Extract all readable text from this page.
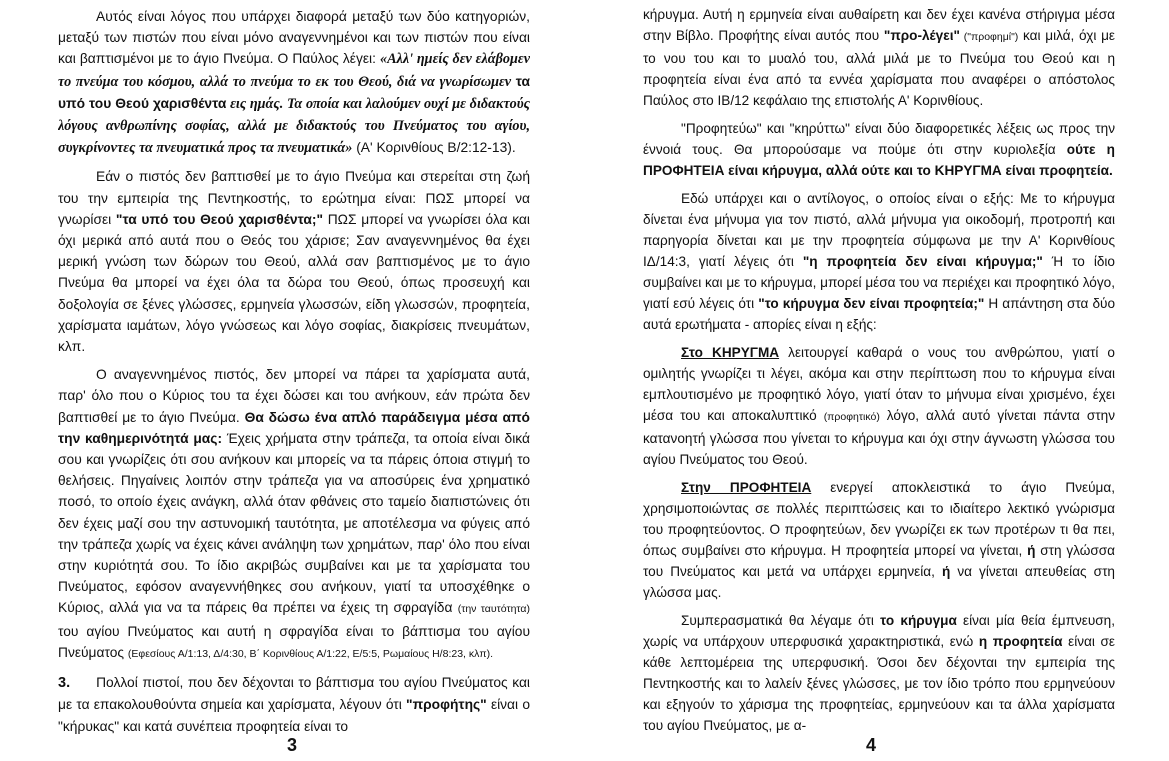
Αυτός είναι λόγος που υπάρχει διαφορά μεταξύ των δύο κατηγοριών, μεταξύ των πιστών που είναι μόνο αναγεννημένοι και των πιστών που είναι και βαπτισμένοι με το άγιο Πνεύμα. Ο Παύλος λέγει: «Αλλ' ημείς δεν ελάβομεν το πνεύμα του κόσμου, αλλά το πνεύμα το εκ του Θεού, διά να γνωρίσωμεν τα υπό του Θεού χαρισθέντα εις ημάς. Τα οποία και λαλούμεν ουχί με διδακτούς λόγους ανθρωπίνης σοφίας, αλλά με διδακτούς του Πνεύματος του αγίου, συγκρίνοντες τα πνευματικά προς τα πνευματικά» (Α' Κορινθίους Β/2:12-13).

Εάν ο πιστός δεν βαπτισθεί με το άγιο Πνεύμα και στερείται στη ζωή του την εμπειρία της Πεντηκοστής, το ερώτημα είναι: ΠΩΣ μπορεί να γνωρίσει "τα υπό του Θεού χαρισθέντα;" ΠΩΣ μπορεί να γνωρίσει όλα και όχι μερικά από αυτά που ο Θεός του χάρισε; Σαν αναγεννημένος θα έχει μερική γνώση των δώρων του Θεού, αλλά σαν βαπτισμένος με το άγιο Πνεύμα θα μπορεί να έχει όλα τα δώρα του Θεού, όπως προσευχή και δοξολογία σε ξένες γλώσσες, ερμηνεία γλωσσών, είδη γλωσσών, προφητεία, χαρίσματα ιαμάτων, λόγο γνώσεως και λόγο σοφίας, διακρίσεις πνευμάτων, κλπ.

Ο αναγεννημένος πιστός, δεν μπορεί να πάρει τα χαρίσματα αυτά, παρ' όλο που ο Κύριος του τα έχει δώσει και του ανήκουν, εάν πρώτα δεν βαπτισθεί με το άγιο Πνεύμα. Θα δώσω ένα απλό παράδειγμα μέσα από την καθημερινότητά μας: Έχεις χρήματα στην τράπεζα, τα οποία είναι δικά σου και γνωρίζεις ότι σου ανήκουν και μπορείς να τα πάρεις όποια στιγμή το θελήσεις. Πηγαίνεις λοιπόν στην τράπεζα για να αποσύρεις ένα χρηματικό ποσό, το οποίο έχεις ανάγκη, αλλά όταν φθάνεις στο ταμείο διαπιστώνεις ότι δεν έχεις μαζί σου την αστυνομική ταυτότητα, με αποτέλεσμα να φύγεις από την τράπεζα χωρίς να έχεις κάνει ανάληψη των χρημάτων, παρ' όλο που είναι στην κυριότητά σου. Το ίδιο ακριβώς συμβαίνει και με τα χαρίσματα του Πνεύματος, εφόσον αναγεννήθηκες σου ανήκουν, γιατί τα υποσχέθηκε ο Κύριος, αλλά για να τα πάρεις θα πρέπει να έχεις τη σφραγίδα (την ταυτότητα) του αγίου Πνεύματος και αυτή η σφραγίδα είναι το βάπτισμα του αγίου Πνεύματος (Εφεσίους Α/1:13, Δ/4:30, Β΄ Κορινθίους Α/1:22, Ε/5:5, Ρωμαίους Η/8:23, κλπ).

3. Πολλοί πιστοί, που δεν δέχονται το βάπτισμα του αγίου Πνεύματος και με τα επακολουθούντα σημεία και χαρίσματα, λέγουν ότι "προφήτης" είναι ο "κήρυκας" και κατά συνέπεια προφητεία είναι το

3

κήρυγμα. Αυτή η ερμηνεία είναι αυθαίρετη και δεν έχει κανένα στήριγμα μέσα στην Βίβλο. Προφήτης είναι αυτός που "προ-λέγει" ("προφημί") και μιλά, όχι με το νου του και το μυαλό του, αλλά μιλά με το Πνεύμα του Θεού και η προφητεία είναι ένα από τα εννέα χαρίσματα που αναφέρει ο απόστολος Παύλος στο ΙΒ/12 κεφάλαιο της επιστολής Α' Κορινθίους.

"Προφητεύω" και "κηρύττω" είναι δύο διαφορετικές λέξεις ως προς την έννοιά τους. Θα μπορούσαμε να πούμε ότι στην κυριολεξία ούτε η ΠΡΟΦΗΤΕΙΑ είναι κήρυγμα, αλλά ούτε και το ΚΗΡΥΓΜΑ είναι προφητεία.

Εδώ υπάρχει και ο αντίλογος, ο οποίος είναι ο εξής: Με το κήρυγμα δίνεται ένα μήνυμα για τον πιστό, αλλά μήνυμα για οικοδομή, προτροπή και παρηγορία δίνεται και με την προφητεία σύμφωνα με την Α' Κορινθίους ΙΔ/14:3, γιατί λέγεις ότι "η προφητεία δεν είναι κήρυγμα;" Ή το ίδιο συμβαίνει και με το κήρυγμα, μπορεί μέσα του να περιέχει και προφητικό λόγο, γιατί εσύ λέγεις ότι "το κήρυγμα δεν είναι προφητεία;" Η απάντηση στα δύο αυτά ερωτήματα - απορίες είναι η εξής:

Στο ΚΗΡΥΓΜΑ λειτουργεί καθαρά ο νους του ανθρώπου, γιατί ο ομιλητής γνωρίζει τι λέγει, ακόμα και στην περίπτωση που το κήρυγμα είναι εμπλουτισμένο με προφητικό λόγο, γιατί όταν το μήνυμα είναι χρισμένο, έχει μέσα του και αποκαλυπτικό (προφητικό) λόγο, αλλά αυτό γίνεται πάντα στην κατανοητή γλώσσα που γίνεται το κήρυγμα και όχι στην άγνωστη γλώσσα του αγίου Πνεύματος του Θεού.

Στην ΠΡΟΦΗΤΕΙΑ ενεργεί αποκλειστικά το άγιο Πνεύμα, χρησιμοποιώντας σε πολλές περιπτώσεις και το ιδιαίτερο λεκτικό γνώρισμα του προφητεύοντος. Ο προφητεύων, δεν γνωρίζει εκ των προτέρων τι θα πει, όπως συμβαίνει στο κήρυγμα. Η προφητεία μπορεί να γίνεται, ή στη γλώσσα του Πνεύματος και μετά να υπάρχει ερμηνεία, ή να γίνεται απευθείας στη γλώσσα μας.

Συμπερασματικά θα λέγαμε ότι το κήρυγμα είναι μία θεία έμπνευση, χωρίς να υπάρχουν υπερφυσικά χαρακτηριστικά, ενώ η προφητεία είναι σε κάθε λεπτομέρεια της υπερφυσική. Όσοι δεν δέχονται την εμπειρία της Πεντηκοστής και το λαλείν ξένες γλώσσες, με τον ίδιο τρόπο που ερμηνεύουν και εξηγούν το χάρισμα της προφητείας, ερμηνεύουν και τα άλλα χαρίσματα του αγίου Πνεύματος, με α-

4
